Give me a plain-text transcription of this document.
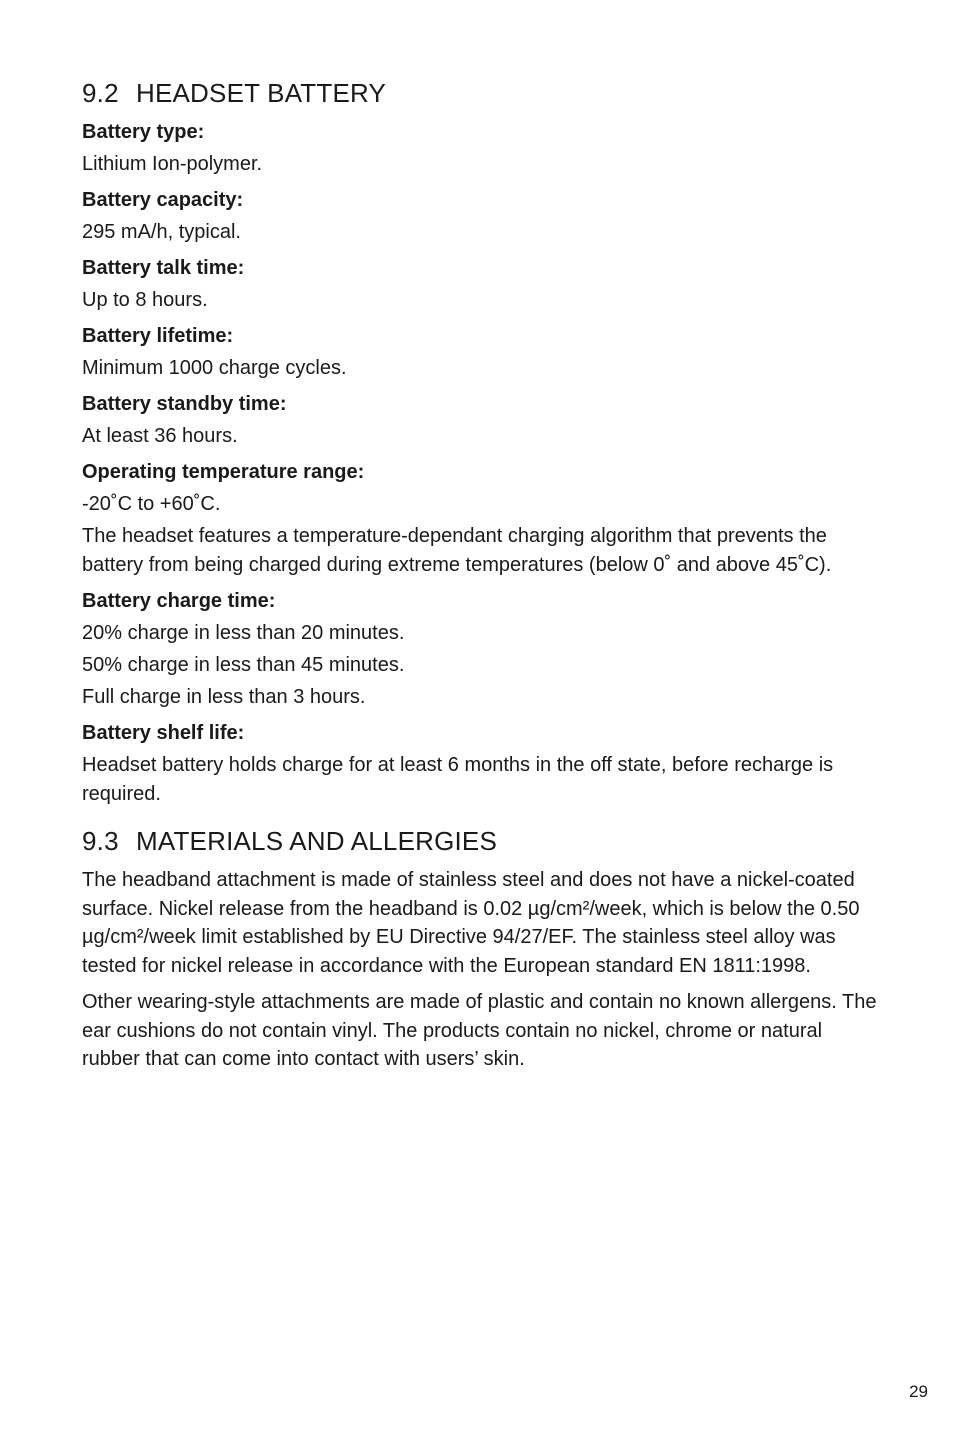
9.2 HEADSET BATTERY
Battery type:
Lithium Ion-polymer.
Battery capacity:
295 mA/h, typical.
Battery talk time:
Up to 8 hours.
Battery lifetime:
Minimum 1000 charge cycles.
Battery standby time:
At least 36 hours.
Operating temperature range:
-20˚C to +60˚C.
The headset features a temperature-dependant charging algorithm that prevents the battery from being charged during extreme temperatures (below 0˚ and above 45˚C).
Battery charge time:
20% charge in less than 20 minutes.
50% charge in less than 45 minutes.
Full charge in less than 3 hours.
Battery shelf life:
Headset battery holds charge for at least 6 months in the off state, before recharge is required.
9.3 MATERIALS AND ALLERGIES
The headband attachment is made of stainless steel and does not have a nickel-coated surface. Nickel release from the headband is 0.02 µg/cm²/week, which is below the 0.50 µg/cm²/week limit established by EU Directive 94/27/EF. The stainless steel alloy was tested for nickel release in accordance with the European standard EN 1811:1998.
Other wearing-style attachments are made of plastic and contain no known allergens. The ear cushions do not contain vinyl. The products contain no nickel, chrome or natural rubber that can come into contact with users’ skin.
29
